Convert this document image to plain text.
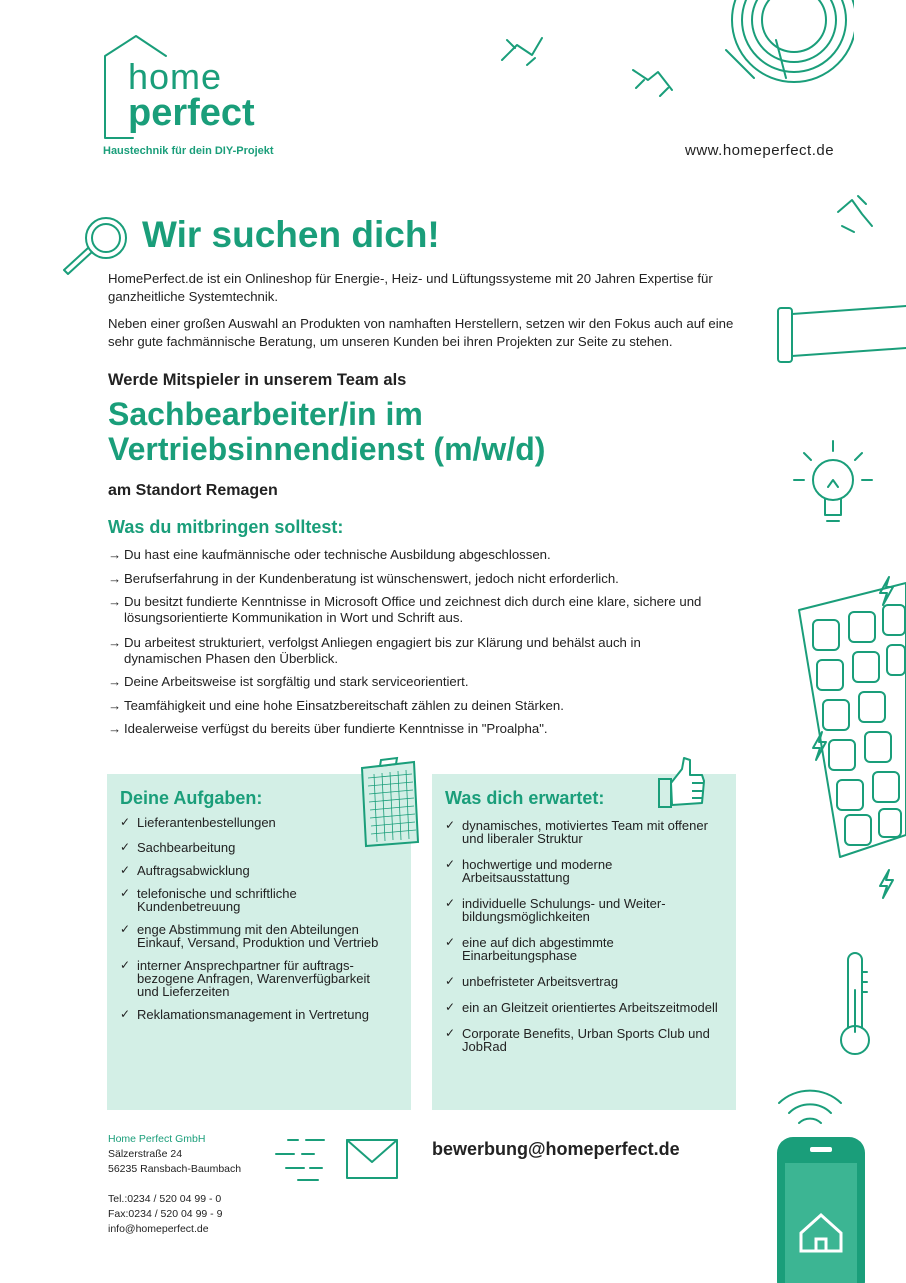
home
perfect
Haustechnik für dein DIY-Projekt	www.homeperfect.de
Wir suchen dich!
HomePerfect.de ist ein Onlineshop für Energie-, Heiz- und Lüftungssysteme mit 20 Jahren Expertise für ganzheitliche Systemtechnik.
Neben einer großen Auswahl an Produkten von namhaften Herstellern, setzen wir den Fokus auch auf eine sehr gute fachmännische Beratung, um unseren Kunden bei ihren Projekten zur Seite zu stehen.
Werde Mitspieler in unserem Team als
Sachbearbeiter/in im
Vertriebsinnendienst (m/w/d)
am Standort Remagen
Was du mitbringen solltest:
→ Du hast eine kaufmännische oder technische Ausbildung abgeschlossen.
→ Berufserfahrung in der Kundenberatung ist wünschenswert, jedoch nicht erforderlich.
→ Du besitzt fundierte Kenntnisse in Microsoft Office und zeichnest dich durch eine klare, sichere und lösungsorientierte Kommunikation in Wort und Schrift aus.
→ Du arbeitest strukturiert, verfolgst Anliegen engagiert bis zur Klärung und behälst auch in dynamischen Phasen den Überblick.
→ Deine Arbeitsweise ist sorgfältig und stark serviceorientiert.
→ Teamfähigkeit und eine hohe Einsatzbereitschaft zählen zu deinen Stärken.
→ Idealerweise verfügst du bereits über fundierte Kenntnisse in "Proalpha".
Deine Aufgaben:
✓ Lieferantenbestellungen
✓ Sachbearbeitung
✓ Auftragsabwicklung
✓ telefonische und schriftliche Kundenbetreuung
✓ enge Abstimmung mit den Abteilungen Einkauf, Versand, Produktion und Vertrieb
✓ interner Ansprechpartner für auftrags-bezogene Anfragen, Warenverfügbarkeit und Lieferzeiten
✓ Reklamationsmanagement in Vertretung
Was dich erwartet:
✓ dynamisches, motiviertes Team mit offener und liberaler Struktur
✓ hochwertige und moderne Arbeitsausstattung
✓ individuelle Schulungs- und Weiter-bildungsmöglichkeiten
✓ eine auf dich abgestimmte Einarbeitungsphase
✓ unbefristeter Arbeitsvertrag
✓ ein an Gleitzeit orientiertes Arbeitszeitmodell
✓ Corporate Benefits, Urban Sports Club und JobRad
Home Perfect GmbH
Sälzerstraße 24
56235 Ransbach-Baumbach
Tel.:0234 / 520 04 99 - 0
Fax:0234 / 520 04 99 - 9
info@homeperfect.de
bewerbung@homeperfect.de
